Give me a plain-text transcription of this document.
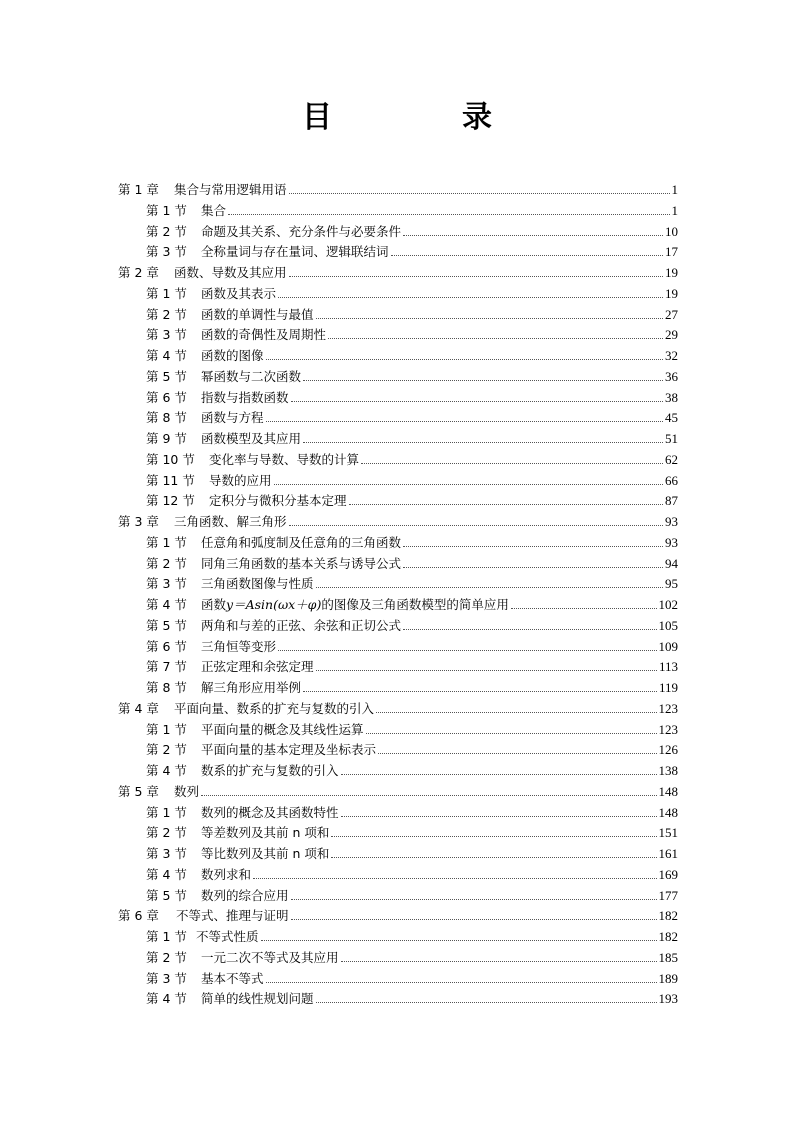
目　录
第 1 章	集合与常用逻辑用语	1
第 1 节	集合	1
第 2 节	命题及其关系、充分条件与必要条件	10
第 3 节	全称量词与存在量词、逻辑联结词	17
第 2 章	函数、导数及其应用	19
第 1 节	函数及其表示	19
第 2 节	函数的单调性与最值	27
第 3 节	函数的奇偶性及周期性	29
第 4 节	函数的图像	32
第 5 节	幂函数与二次函数	36
第 6 节	指数与指数函数	38
第 8 节	函数与方程	45
第 9 节	函数模型及其应用	51
第 10 节	变化率与导数、导数的计算	62
第 11 节	导数的应用	66
第 12 节	定积分与微积分基本定理	87
第 3 章	三角函数、解三角形	93
第 1 节	任意角和弧度制及任意角的三角函数	93
第 2 节	同角三角函数的基本关系与诱导公式	94
第 3 节	三角函数图像与性质	95
第 4 节	函数y＝Asin(ωx＋φ)的图像及三角函数模型的简单应用	102
第 5 节	两角和与差的正弦、余弦和正切公式	105
第 6 节	三角恒等变形	109
第 7 节	正弦定理和余弦定理	113
第 8 节	解三角形应用举例	119
第 4 章	平面向量、数系的扩充与复数的引入	123
第 1 节	平面向量的概念及其线性运算	123
第 2 节	平面向量的基本定理及坐标表示	126
第 4 节	数系的扩充与复数的引入	138
第 5 章	数列	148
第 1 节	数列的概念及其函数特性	148
第 2 节	等差数列及其前 n 项和	151
第 3 节	等比数列及其前 n 项和	161
第 4 节	数列求和	169
第 5 节	数列的综合应用	177
第 6 章	不等式、推理与证明	182
第 1 节 不等式性质	182
第 2 节	一元二次不等式及其应用	185
第 3 节	基本不等式	189
第 4 节	简单的线性规划问题	193
